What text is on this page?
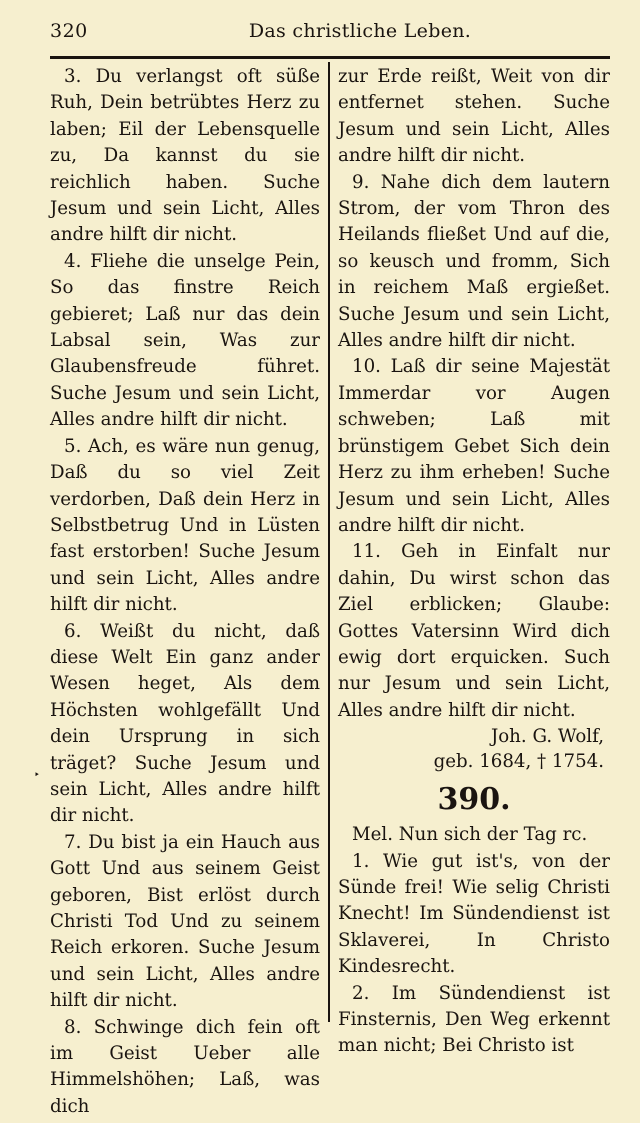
320	Das christliche Leben.

3. Du verlangst oft süße Ruh, Dein betrübtes Herz zu laben; Eil der Lebensquelle zu, Da kannst du sie reichlich haben. Suche Jesum und sein Licht, Alles andre hilft dir nicht.

4. Fliehe die unselge Pein, So das finstre Reich gebieret; Laß nur das dein Labsal sein, Was zur Glaubensfreude führet. Suche Jesum und sein Licht, Alles andre hilft dir nicht.

5. Ach, es wäre nun genug, Daß du so viel Zeit verdorben, Daß dein Herz in Selbstbetrug Und in Lüsten fast erstorben! Suche Jesum und sein Licht, Alles andre hilft dir nicht.

6. Weißt du nicht, daß diese Welt Ein ganz ander Wesen heget, Als dem Höchsten wohlgefällt Und dein Ursprung in sich träget? Suche Jesum und sein Licht, Alles andre hilft dir nicht.

7. Du bist ja ein Hauch aus Gott Und aus seinem Geist geboren, Bist erlöst durch Christi Tod Und zu seinem Reich erkoren. Suche Jesum und sein Licht, Alles andre hilft dir nicht.

8. Schwinge dich fein oft im Geist Ueber alle Himmelshöhen; Laß, was dich

zur Erde reißt, Weit von dir entfernet stehen. Suche Jesum und sein Licht, Alles andre hilft dir nicht.

9. Nahe dich dem lautern Strom, der vom Thron des Heilands fließet Und auf die, so keusch und fromm, Sich in reichem Maß ergießet. Suche Jesum und sein Licht, Alles andre hilft dir nicht.

10. Laß dir seine Majestät Immerdar vor Augen schweben; Laß mit brünstigem Gebet Sich dein Herz zu ihm erheben! Suche Jesum und sein Licht, Alles andre hilft dir nicht.

11. Geh in Einfalt nur dahin, Du wirst schon das Ziel erblicken; Glaube: Gottes Vatersinn Wird dich ewig dort erquicken. Such nur Jesum und sein Licht, Alles andre hilft dir nicht.

Joh. G. Wolf,

geb. 1684, † 1754.

390.

Mel. Nun sich der Tag rc.

1. Wie gut ist's, von der Sünde frei! Wie selig Christi Knecht! Im Sündendienst ist Sklaverei, In Christo Kindesrecht.

2. Im Sündendienst ist Finsternis, Den Weg erkennt man nicht; Bei Christo ist

‣
